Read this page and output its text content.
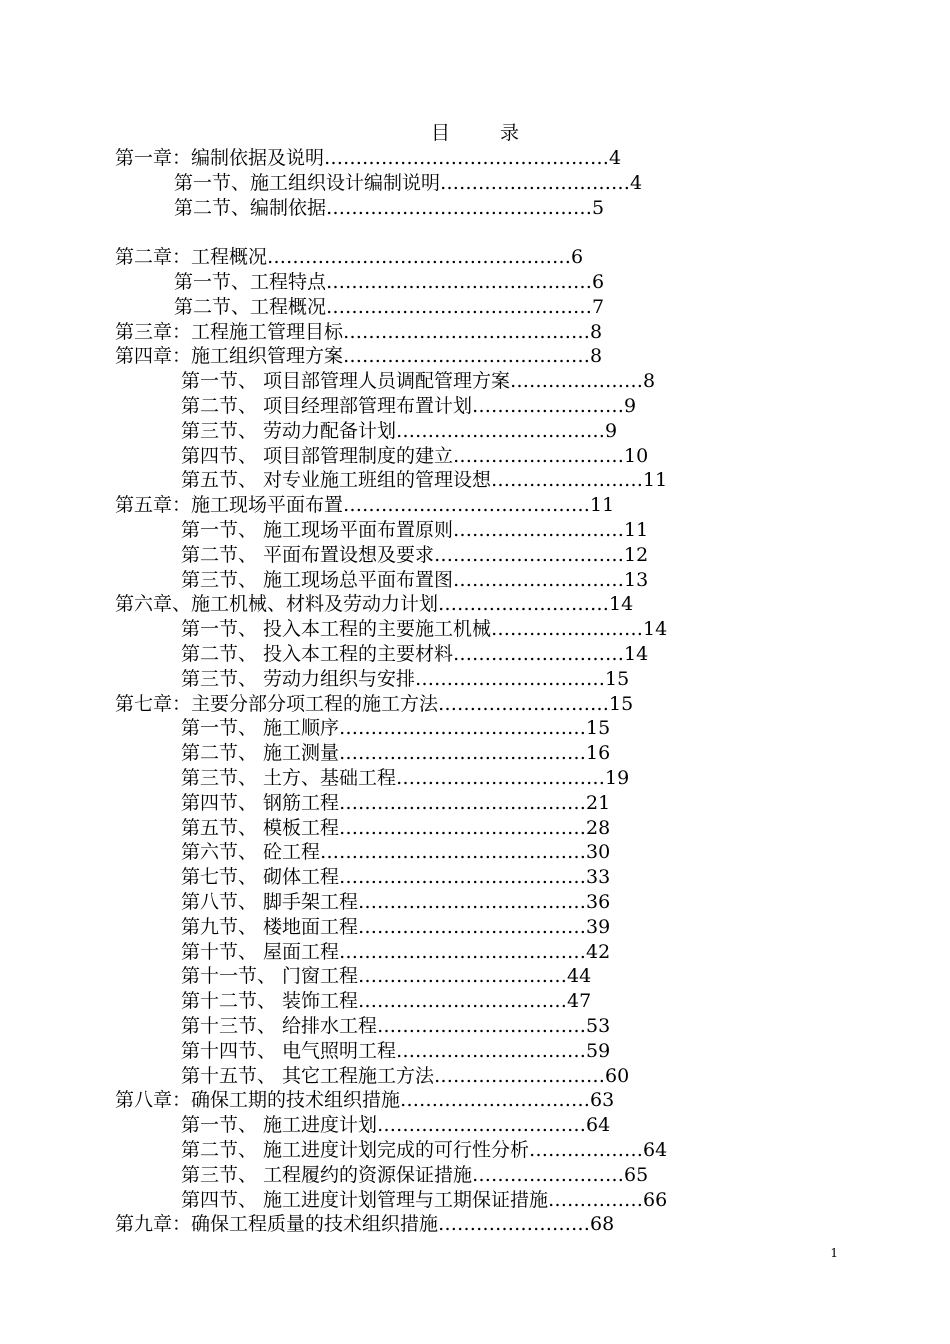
目 录
第一章：编制依据及说明………………………………………4
第一节、施工组织设计编制说明…………………………4
第二节、编制依据……………………………………5
第二章：工程概况…………………………………………6
第一节、工程特点……………………………………6
第二节、工程概况……………………………………7
第三章：工程施工管理目标…………………………………8
第四章：施工组织管理方案…………………………………8
第一节、 项目部管理人员调配管理方案…………………8
第二节、 项目经理部管理布置计划……………………9
第三节、 劳动力配备计划……………………………9
第四节、 项目部管理制度的建立………………………10
第五节、 对专业施工班组的管理设想……………………11
第五章：施工现场平面布置…………………………………11
第一节、 施工现场平面布置原则………………………11
第二节、 平面布置设想及要求…………………………12
第三节、 施工现场总平面布置图………………………13
第六章、施工机械、材料及劳动力计划………………………14
第一节、 投入本工程的主要施工机械……………………14
第二节、 投入本工程的主要材料………………………14
第三节、 劳动力组织与安排…………………………15
第七章：主要分部分项工程的施工方法………………………15
第一节、 施工顺序…………………………………15
第二节、 施工测量…………………………………16
第三节、 土方、基础工程……………………………19
第四节、 钢筋工程…………………………………21
第五节、 模板工程…………………………………28
第六节、 砼工程……………………………………30
第七节、 砌体工程…………………………………33
第八节、 脚手架工程………………………………36
第九节、 楼地面工程………………………………39
第十节、 屋面工程…………………………………42
第十一节、 门窗工程……………………………44
第十二节、 装饰工程……………………………47
第十三节、 给排水工程……………………………53
第十四节、 电气照明工程…………………………59
第十五节、 其它工程施工方法………………………60
第八章：确保工期的技术组织措施…………………………63
第一节、 施工进度计划……………………………64
第二节、 施工进度计划完成的可行性分析………………64
第三节、 工程履约的资源保证措施……………………65
第四节、 施工进度计划管理与工期保证措施……………66
第九章：确保工程质量的技术组织措施……………………68
1
